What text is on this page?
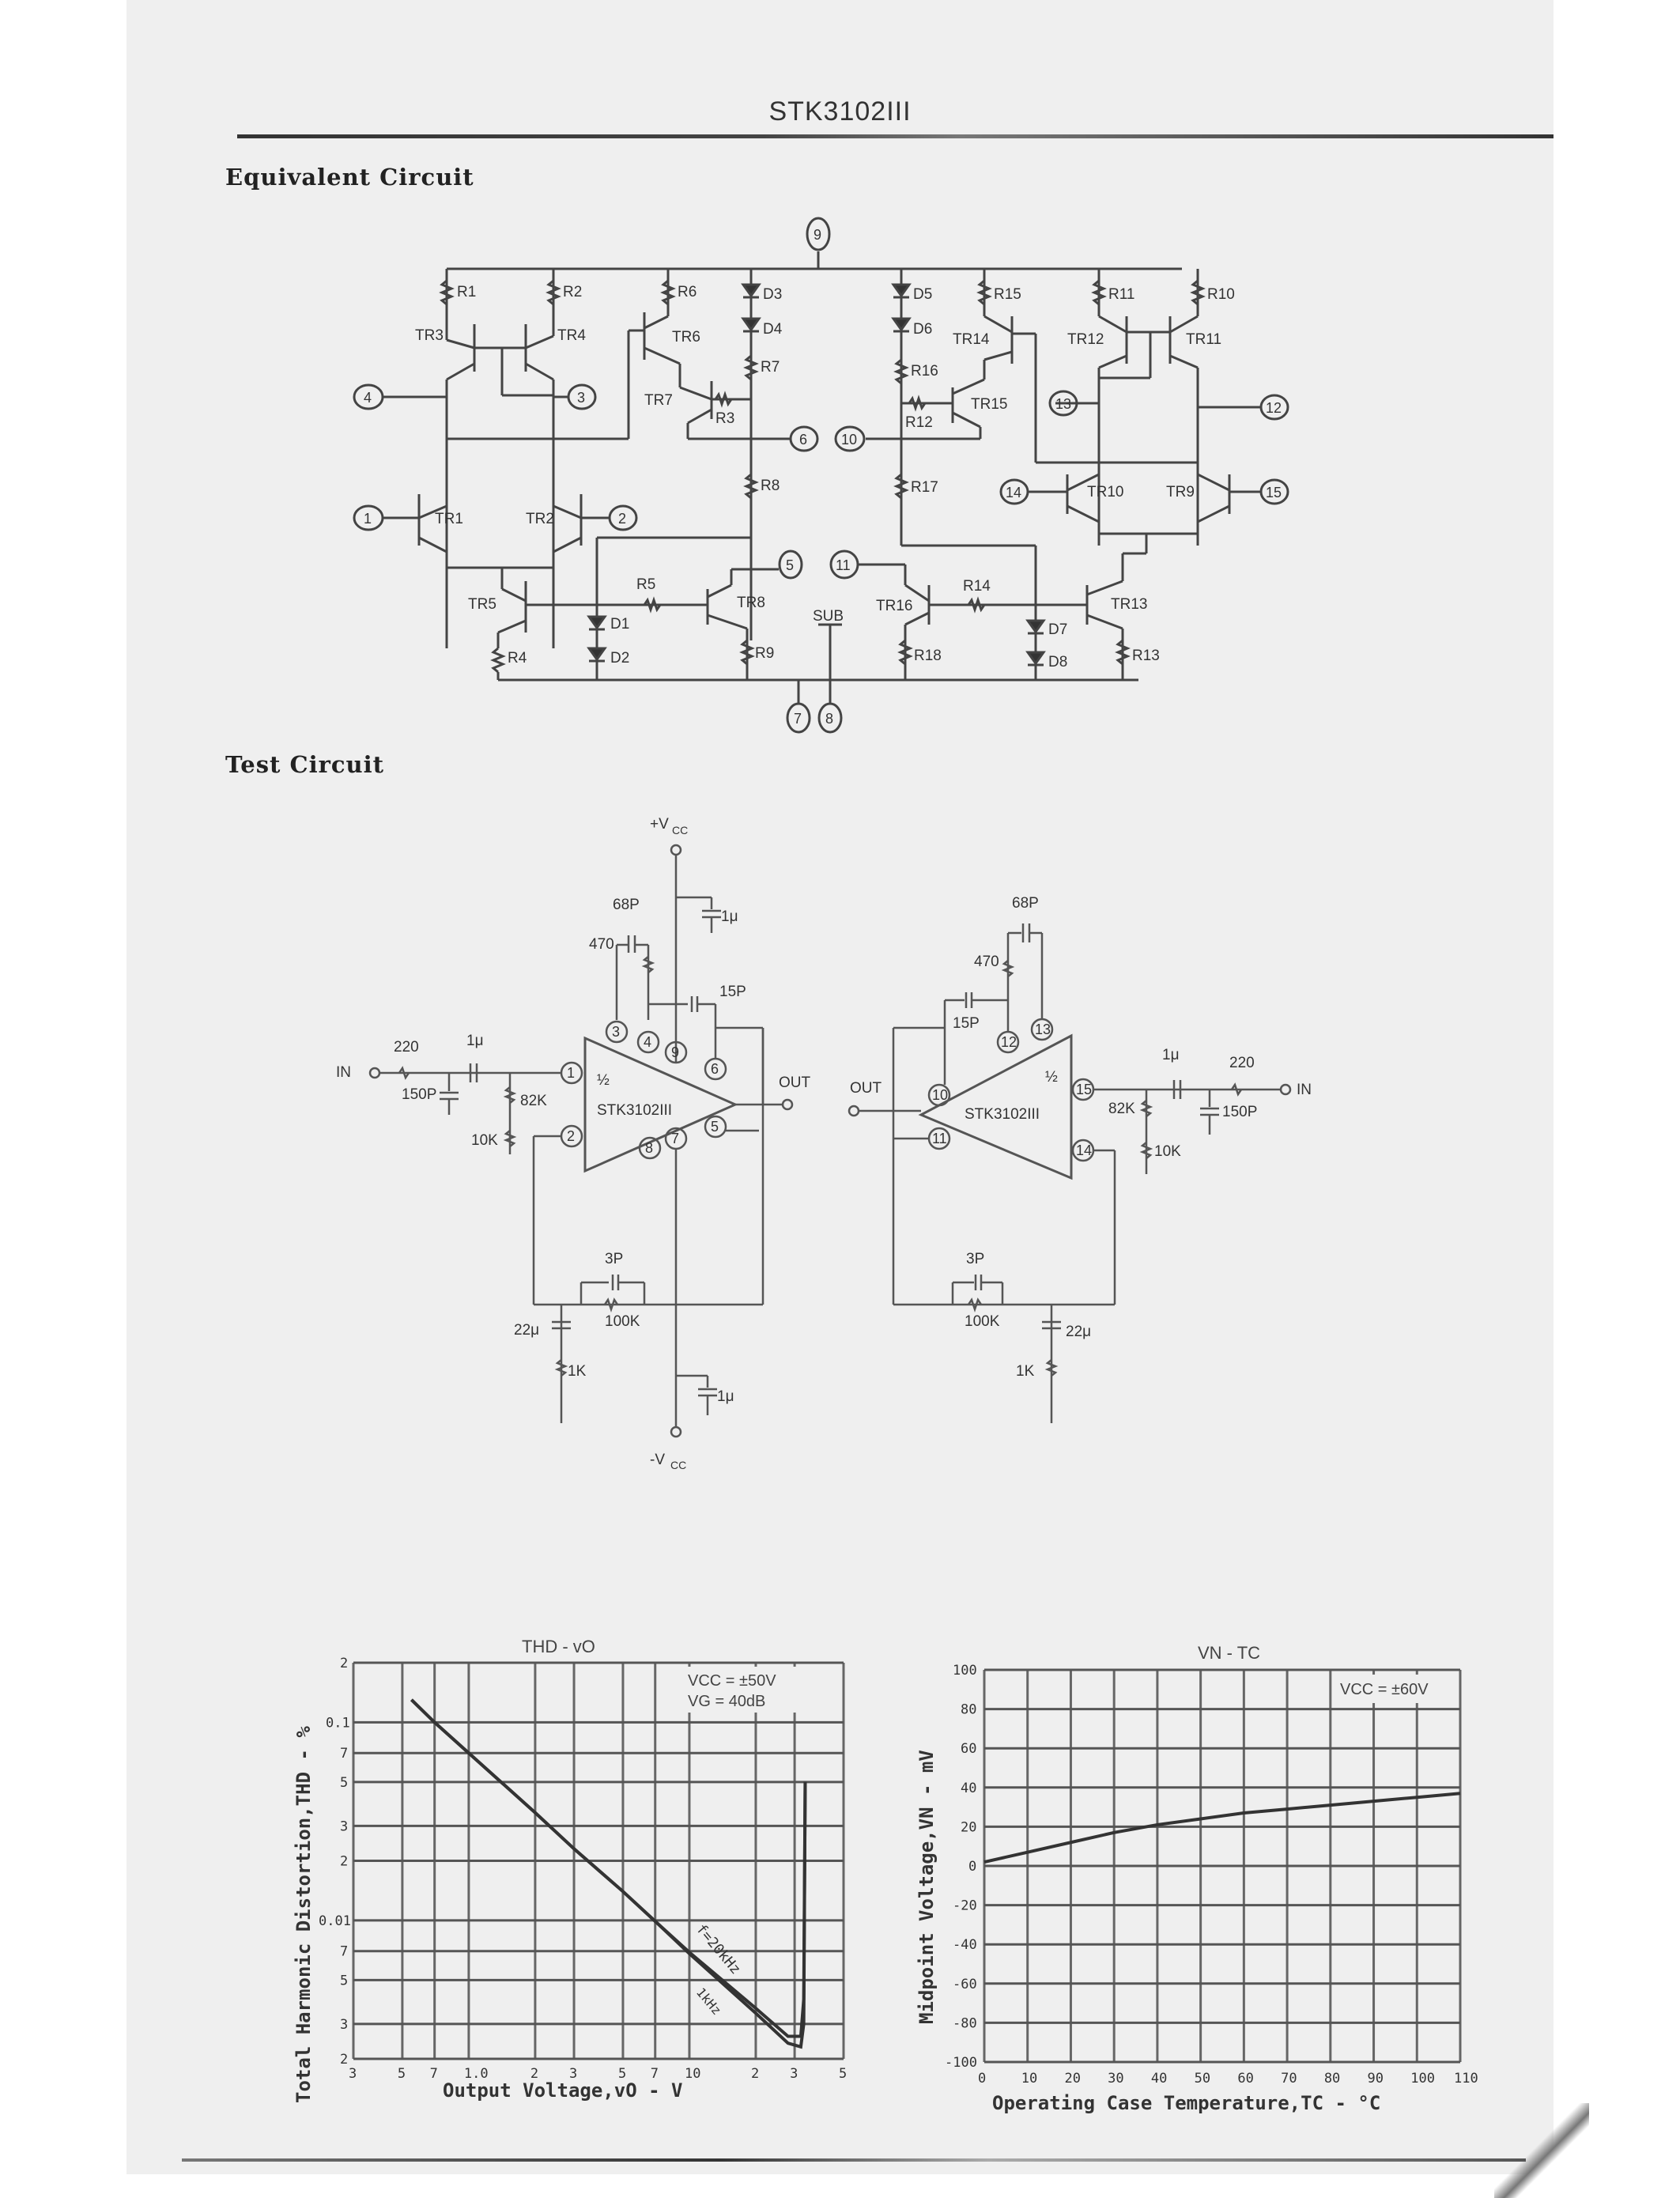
STK3102III
Equivalent Circuit
Test Circuit
9
R1
TR3
R2
TR4
4	3
1	TR1	2
TR2
R6
TR6
TR7
R3
D3
D4
R7
6
R8
TR5
R4
D1
D2
R5
5
TR8
R9
7
SUB
8
D5
D6
R16
R12
TR15
10
R15
TR14
R11
TR12
R10
TR11
13	12
14	TR10	15
TR9
R17
11
TR16
R18
R14
D7
D8
TR13
R13
STK3102III
½
+V CC
1μ
68P
470
15P
3
4
9
6
1
2
8
7
5
IN
220
150P
1μ
82K
10K
3P
100K
22μ
1K
1μ
-V CC
OUT
STK3102III
½
10
11
12
13
15
14
OUT
15P
470
68P
82K
10K
1μ
150P
220
IN
3P
100K
22μ
1K
3	5 7 1.0	2 3	5 7 10	2 3	5
2
3
5
7
0.01
2
3
5
7
0.1
2
THD - vO
VCC = ±50V
VG = 40dB
f=20kHz
1kHz
Output Voltage,vO - V
Total Harmonic Distortion,THD - %	0	10 20 30 40 50 60 70 80 90 100 110
100
80
60
40
20
0
-20
-40
-60
-80
-100
VN - TC
VCC = ±60V
Operating Case Temperature,TC - °C
Midpoint Voltage,VN - mV
